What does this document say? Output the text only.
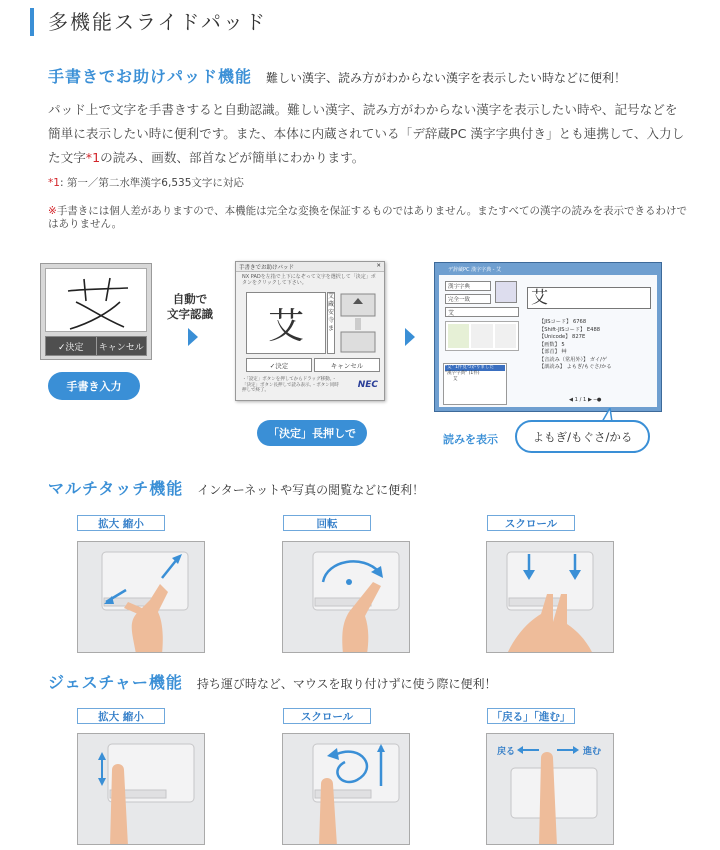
多機能スライドパッド
手書きでお助けパッド機能 難しい漢字、読み方がわからない漢字を表示したい時などに便利！
パッド上で文字を手書きすると自動認識。難しい漢字、読み方がわからない漢字を表示したい時や、記号などを簡単に表示したい時に便利です。また、本体に内蔵されている「デ辞蔵PC 漢字字典付き」とも連携して、入力した文字*1の読み、画数、部首などが簡単にわかります。
*1: 第一／第二水準漢字6,535文字に対応
※手書きには個人差がありますので、本機能は完全な変換を保証するものではありません。またすべての漢字の読みを表示できるわけではありません。
✓決定	キャンセル
手書き入力
自動で
文字認識
手書きでお助けパッド	✕
NX PADを左指で上下になぞって文字を選択して「決定」ボタンをクリックして下さい。
艾
艾 蔵 安 寺 ま
✓決定	キャンセル
・「設定」ボタンを押してからドラッグ移動。・「決定」ボタン長押しで読み表示。・ボタン同時押しで終了。
NEC
「決定」長押しで
デ辞蔵PC 漢字字典 - 艾
漢字字典
完全一致
艾
艾
"艾" 1件見つかりました
"漢字字典" (1件)
艾
【JISコード】 6768
【Shift-JISコード】 E488
【Unicode】 827E
【画数】 5
【部首】 艸
【音読み（常用外）】 ガイ/ゲ
【訓読み】 よもぎ/もぐさ/かる
◀ 1 / 1 ▶ ─●
読みを表示	よもぎ/もぐさ/かる
マルチタッチ機能 インターネットや写真の閲覧などに便利！
拡大 縮小	回転	スクロール
ジェスチャー機能 持ち運び時など、マウスを取り付けずに使う際に便利！
拡大 縮小	スクロール	「戻る」「進む」
戻る	進む
